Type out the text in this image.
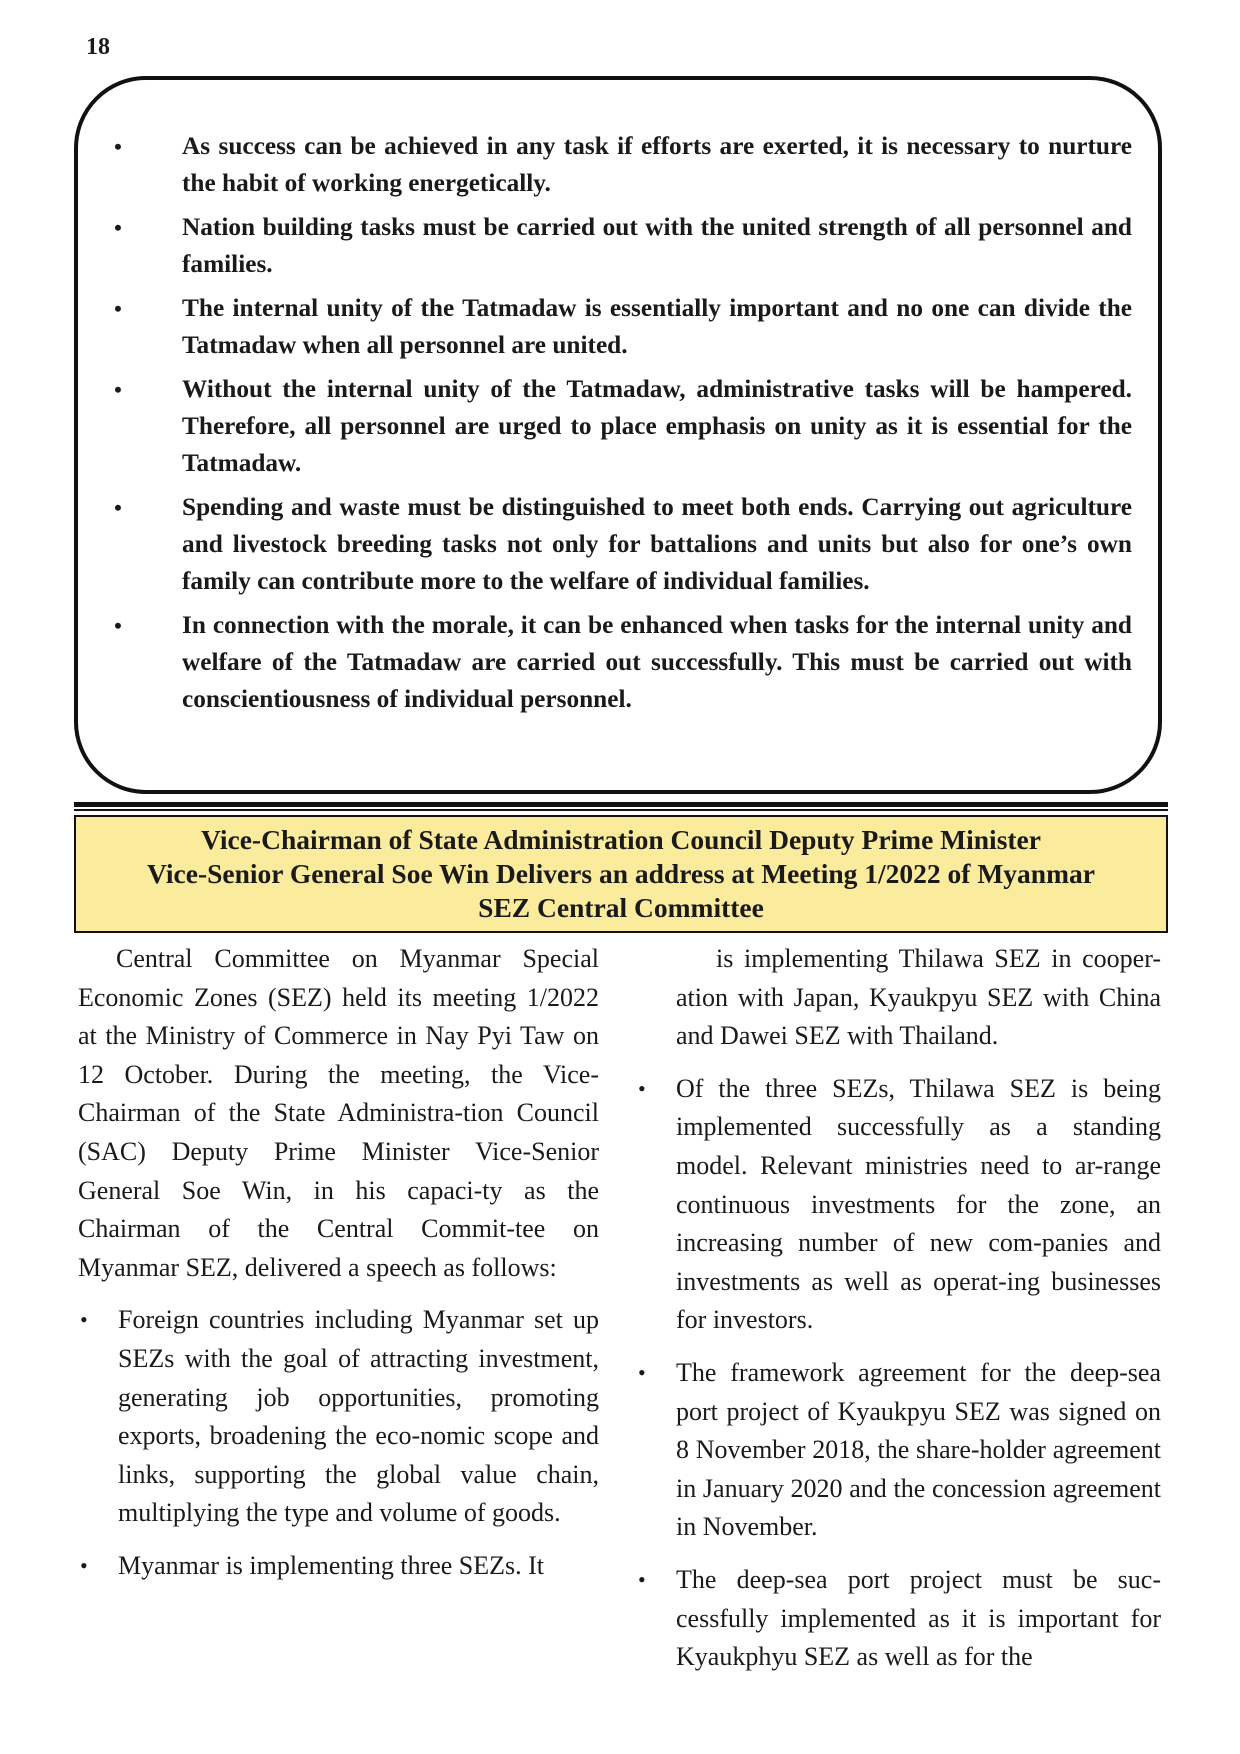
18
• As success can be achieved in any task if efforts are exerted, it is necessary to nurture the habit of working energetically.
• Nation building tasks must be carried out with the united strength of all personnel and families.
• The internal unity of the Tatmadaw is essentially important and no one can divide the Tatmadaw when all personnel are united.
• Without the internal unity of the Tatmadaw, administrative tasks will be hampered. Therefore, all personnel are urged to place emphasis on unity as it is essential for the Tatmadaw.
• Spending and waste must be distinguished to meet both ends. Carrying out agriculture and livestock breeding tasks not only for battalions and units but also for one’s own family can contribute more to the welfare of individual families.
• In connection with the morale, it can be enhanced when tasks for the internal unity and welfare of the Tatmadaw are carried out successfully. This must be carried out with conscientiousness of individual personnel.
Vice-Chairman of State Administration Council Deputy Prime Minister
Vice-Senior General Soe Win Delivers an address at Meeting 1/2022 of Myanmar
SEZ Central Committee

Central Committee on Myanmar Special Economic Zones (SEZ) held its meeting 1/2022 at the Ministry of Commerce in Nay Pyi Taw on 12 October. During the meeting, the Vice-Chairman of the State Administra-tion Council (SAC) Deputy Prime Minister Vice-Senior General Soe Win, in his capaci-ty as the Chairman of the Central Commit-tee on Myanmar SEZ, delivered a speech as follows:

• Foreign countries including Myanmar set up SEZs with the goal of attracting investment, generating job opportunities, promoting exports, broadening the eco-nomic scope and links, supporting the global value chain, multiplying the type and volume of goods.
• Myanmar is implementing three SEZs. It
is implementing Thilawa SEZ in cooper-ation with Japan, Kyaukpyu SEZ with China and Dawei SEZ with Thailand.
• Of the three SEZs, Thilawa SEZ is being implemented successfully as a standing model. Relevant ministries need to ar-range continuous investments for the zone, an increasing number of new com-panies and investments as well as operat-ing businesses for investors.
• The framework agreement for the deep-sea port project of Kyaukpyu SEZ was signed on 8 November 2018, the share-holder agreement in January 2020 and the concession agreement in November.
• The deep-sea port project must be suc-cessfully implemented as it is important for Kyaukphyu SEZ as well as for the
